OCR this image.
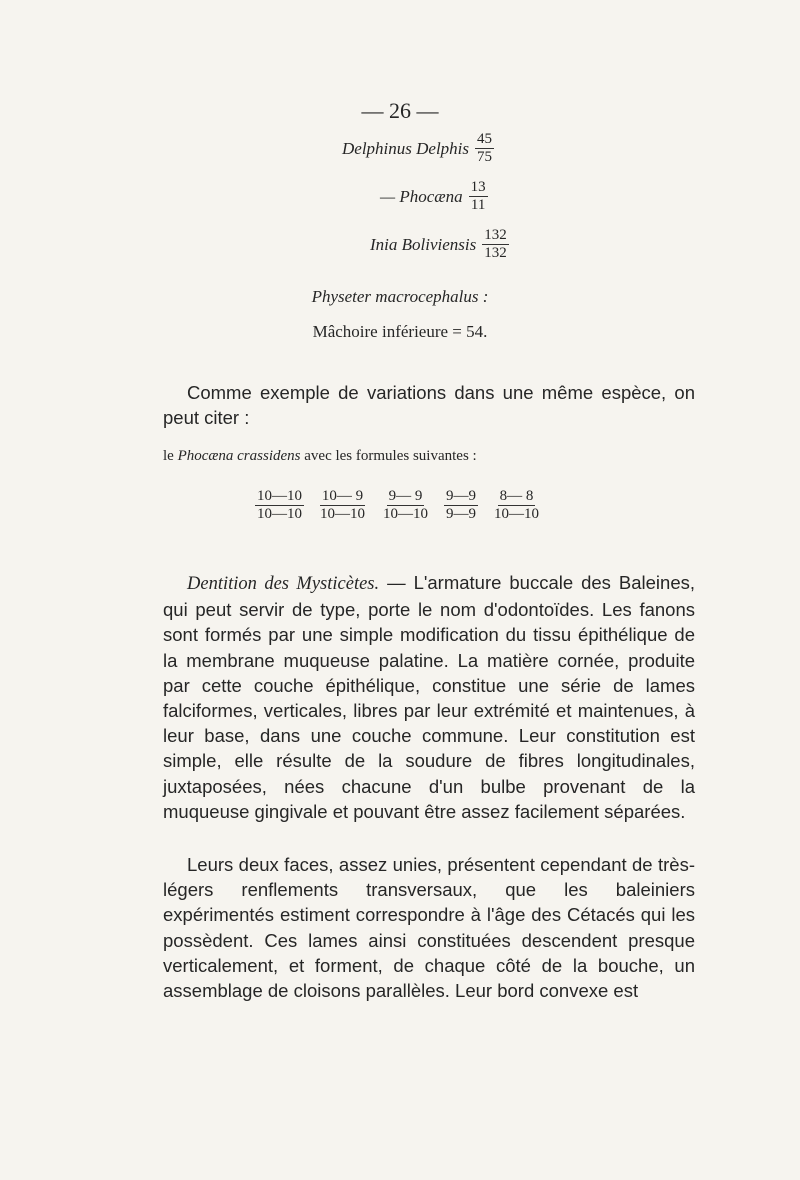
— 26 —
Delphinus Delphis $\frac{45}{75}$
— Phocæna $\frac{13}{11}$
Inia Boliviensis $\frac{132}{132}$
Physeter macrocephalus :
Mâchoire inférieure = 54.
Comme exemple de variations dans une même espèce, on peut citer :
le Phocæna crassidens avec les formules suivantes :
$\frac{10—10}{10—10} \frac{10— 9}{10—10} \frac{9— 9}{10—10} \frac{9—9}{9—9} \frac{8— 8}{10—10}$
Dentition des Mysticètes. — L'armature buccale des Baleines, qui peut servir de type, porte le nom d'odontoïdes. Les fanons sont formés par une simple modification du tissu épithélique de la membrane muqueuse palatine. La matière cornée, produite par cette couche épithélique, constitue une série de lames falciformes, verticales, libres par leur extrémité et maintenues, à leur base, dans une couche commune. Leur constitution est simple, elle résulte de la soudure de fibres longitudinales, juxtaposées, nées chacune d'un bulbe provenant de la muqueuse gingivale et pouvant être assez facilement séparées.
Leurs deux faces, assez unies, présentent cependant de très-légers renflements transversaux, que les baleiniers expérimentés estiment correspondre à l'âge des Cétacés qui les possèdent. Ces lames ainsi constituées descendent presque verticalement, et forment, de chaque côté de la bouche, un assemblage de cloisons parallèles. Leur bord convexe est
